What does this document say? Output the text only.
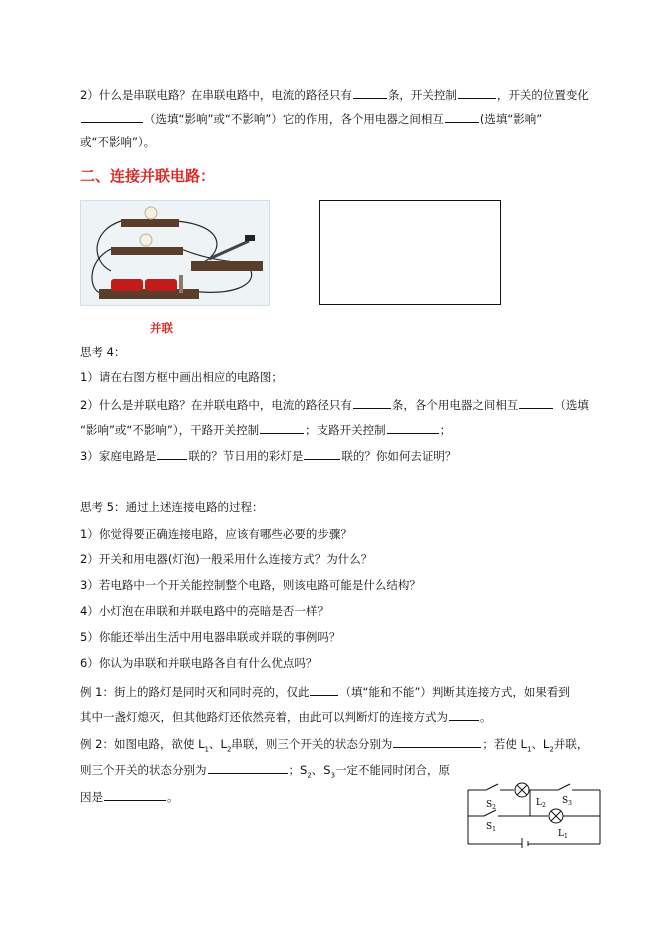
2）什么是串联电路？在串联电路中，电流的路径只有	条，开关控制	，开关的位置变化
（选填“影响”或“不影响”）它的作用，各个用电器之间相互	(选填“影响”
或“不影响”）。
二、连接并联电路：
并联
思考 4：
1）请在右图方框中画出相应的电路图；
2）什么是并联电路？在并联电路中，电流的路径只有	条，各个用电器之间相互	（选填
“影响”或“不影响”），干路开关控制	；支路开关控制	；
3）家庭电路是	联的？节日用的彩灯是	联的？你如何去证明？
思考 5：通过上述连接电路的过程：
1）你觉得要正确连接电路，应该有哪些必要的步骤？
2）开关和用电器(灯泡)一般采用什么连接方式？为什么？
3）若电路中一个开关能控制整个电路，则该电路可能是什么结构？
4）小灯泡在串联和并联电路中的亮暗是否一样？
5）你能还举出生活中用电器串联或并联的事例吗？
6）你认为串联和并联电路各自有什么优点吗？
例 1：街上的路灯是同时灭和同时亮的，仅此	（填“能和不能”）判断其连接方式，如果看到
其中一盏灯熄灭，但其他路灯还依然亮着，由此可以判断灯的连接方式为	。
例 2：如图电路，欲使 $L_1$、$L_2$串联，则三个开关的状态分别为	；若使 $L_1$、$L_2$并联，
则三个开关的状态分别为	；$S_2$、$S_3$一定不能同时闭合，原
因是	。
$S_2$
$S_3$
$S_1$
$L_2$
$L_1$
